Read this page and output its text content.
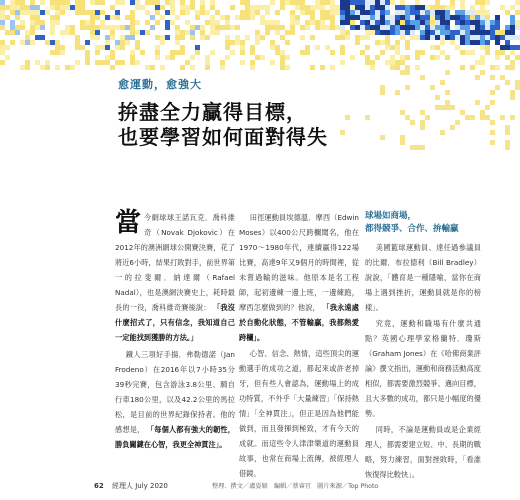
愈運動，愈強大
拚盡全力贏得目標，
也要學習如何面對得失
當 今網球球王諾瓦克．喬科維奇（Novak Djokovic）在2012年的澳洲網球公開賽決賽，花了將近6小時，結果打敗對手，前世界第一的拉斐爾．納達爾（Rafael Nadal），也是澳網決賽史上，耗時最長的一役，喬科維奇賽後說： 「我沒什麼招式了，只有信念，我知道自己一定能找到獲勝的方法。」

鐵人三項好手揚．弗勒德諾（Jan Frodeno）在2016年以7小時35分39秒完賽，包含游泳3.8公里、騎自行車180公里，以及42.2公里的馬拉松，是目前的世界紀錄保持者。他的感想是， 「每個人都有強大的韌性，勝負關鍵在心智，我更全神貫注」。

田徑運動員埃德溫．摩西（Edwin Moses）以400公尺跨欄聞名，他在1970～1980年代，連續贏得122場比賽，高達9年又9個月的時間裡，從未嘗過輸的滋味。他原本是名工程師，起初邊練一邊上班，一邊練跑，摩西怎麼做到的？他說， 「我永遠處於自動化狀態，不管輸贏，我都熱愛跨欄」。

心智、信念、熱情，這些頂尖的運動選手的成功之道，都起來或許老掉牙，但有些人會認為，運動場上的成功特質，不外乎「大量練習」「保持熱情」「全神貫注」，但正是因為他們能做到，而且發揮到極致，才有今天的成就。而這些令人津津樂道的運動員故事，也常在商場上流傳，被經理人借鏡。

球場如商場，
都得競爭、合作、拚輸贏

美國籃球運動員、達任過參議員的比爾．布拉德利（Bill Bradley）說說，「體育是一種隱喻，當你在商場上遇到挫折，運動員就是你的榜樣」。

究竟，運動和職場有什麼共通點？英國心理學家格蘭特．瓊斯（Graham Jones）在《哈佛商業評論》撰文指出，運動和商務活動高度相似，都需要激烈競爭、邁向目標，且大多數的成功，都只是小幅度的優勢。

同時，不論是運動員或是企業經理人，都需要建立短、中、長期的戰略，努力練習，面對挫敗時，「看誰恢復得比較快」。

62 經理人 July 2020	整理．撰文／盧姿穎　編輯／蔡睿宜　圖片來源／Top Photo
